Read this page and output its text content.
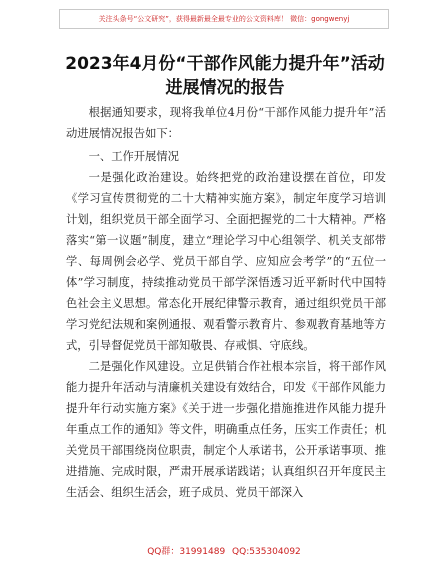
关注头条号“公文研究”，获得最新最全最专业的公文资料库！ 微信：gongwenyj
2023年4月份“干部作风能力提升年”活动进展情况的报告

根据通知要求，现将我单位4月份“干部作风能力提升年”活动进展情况报告如下：

一、工作开展情况

一是强化政治建设。始终把党的政治建设摆在首位，印发《学习宣传贯彻党的二十大精神实施方案》，制定年度学习培训计划，组织党员干部全面学习、全面把握党的二十大精神。严格落实“第一议题”制度，建立“理论学习中心组领学、机关支部带学、每周例会必学、党员干部自学、应知应会考学”的“五位一体”学习制度，持续推动党员干部学深悟透习近平新时代中国特色社会主义思想。常态化开展纪律警示教育，通过组织党员干部学习党纪法规和案例通报、观看警示教育片、参观教育基地等方式，引导督促党员干部知敬畏、存戒惧、守底线。

二是强化作风建设。立足供销合作社根本宗旨，将干部作风能力提升年活动与清廉机关建设有效结合，印发《干部作风能力提升年行动实施方案》《关于进一步强化措施推进作风能力提升年重点工作的通知》等文件，明确重点任务，压实工作责任；机关党员干部围绕岗位职责，制定个人承诺书，公开承诺事项、推进措施、完成时限，严肃开展承诺践诺；认真组织召开年度民主生活会、组织生活会，班子成员、党员干部深入

QQ群：31991489 QQ:535304092
